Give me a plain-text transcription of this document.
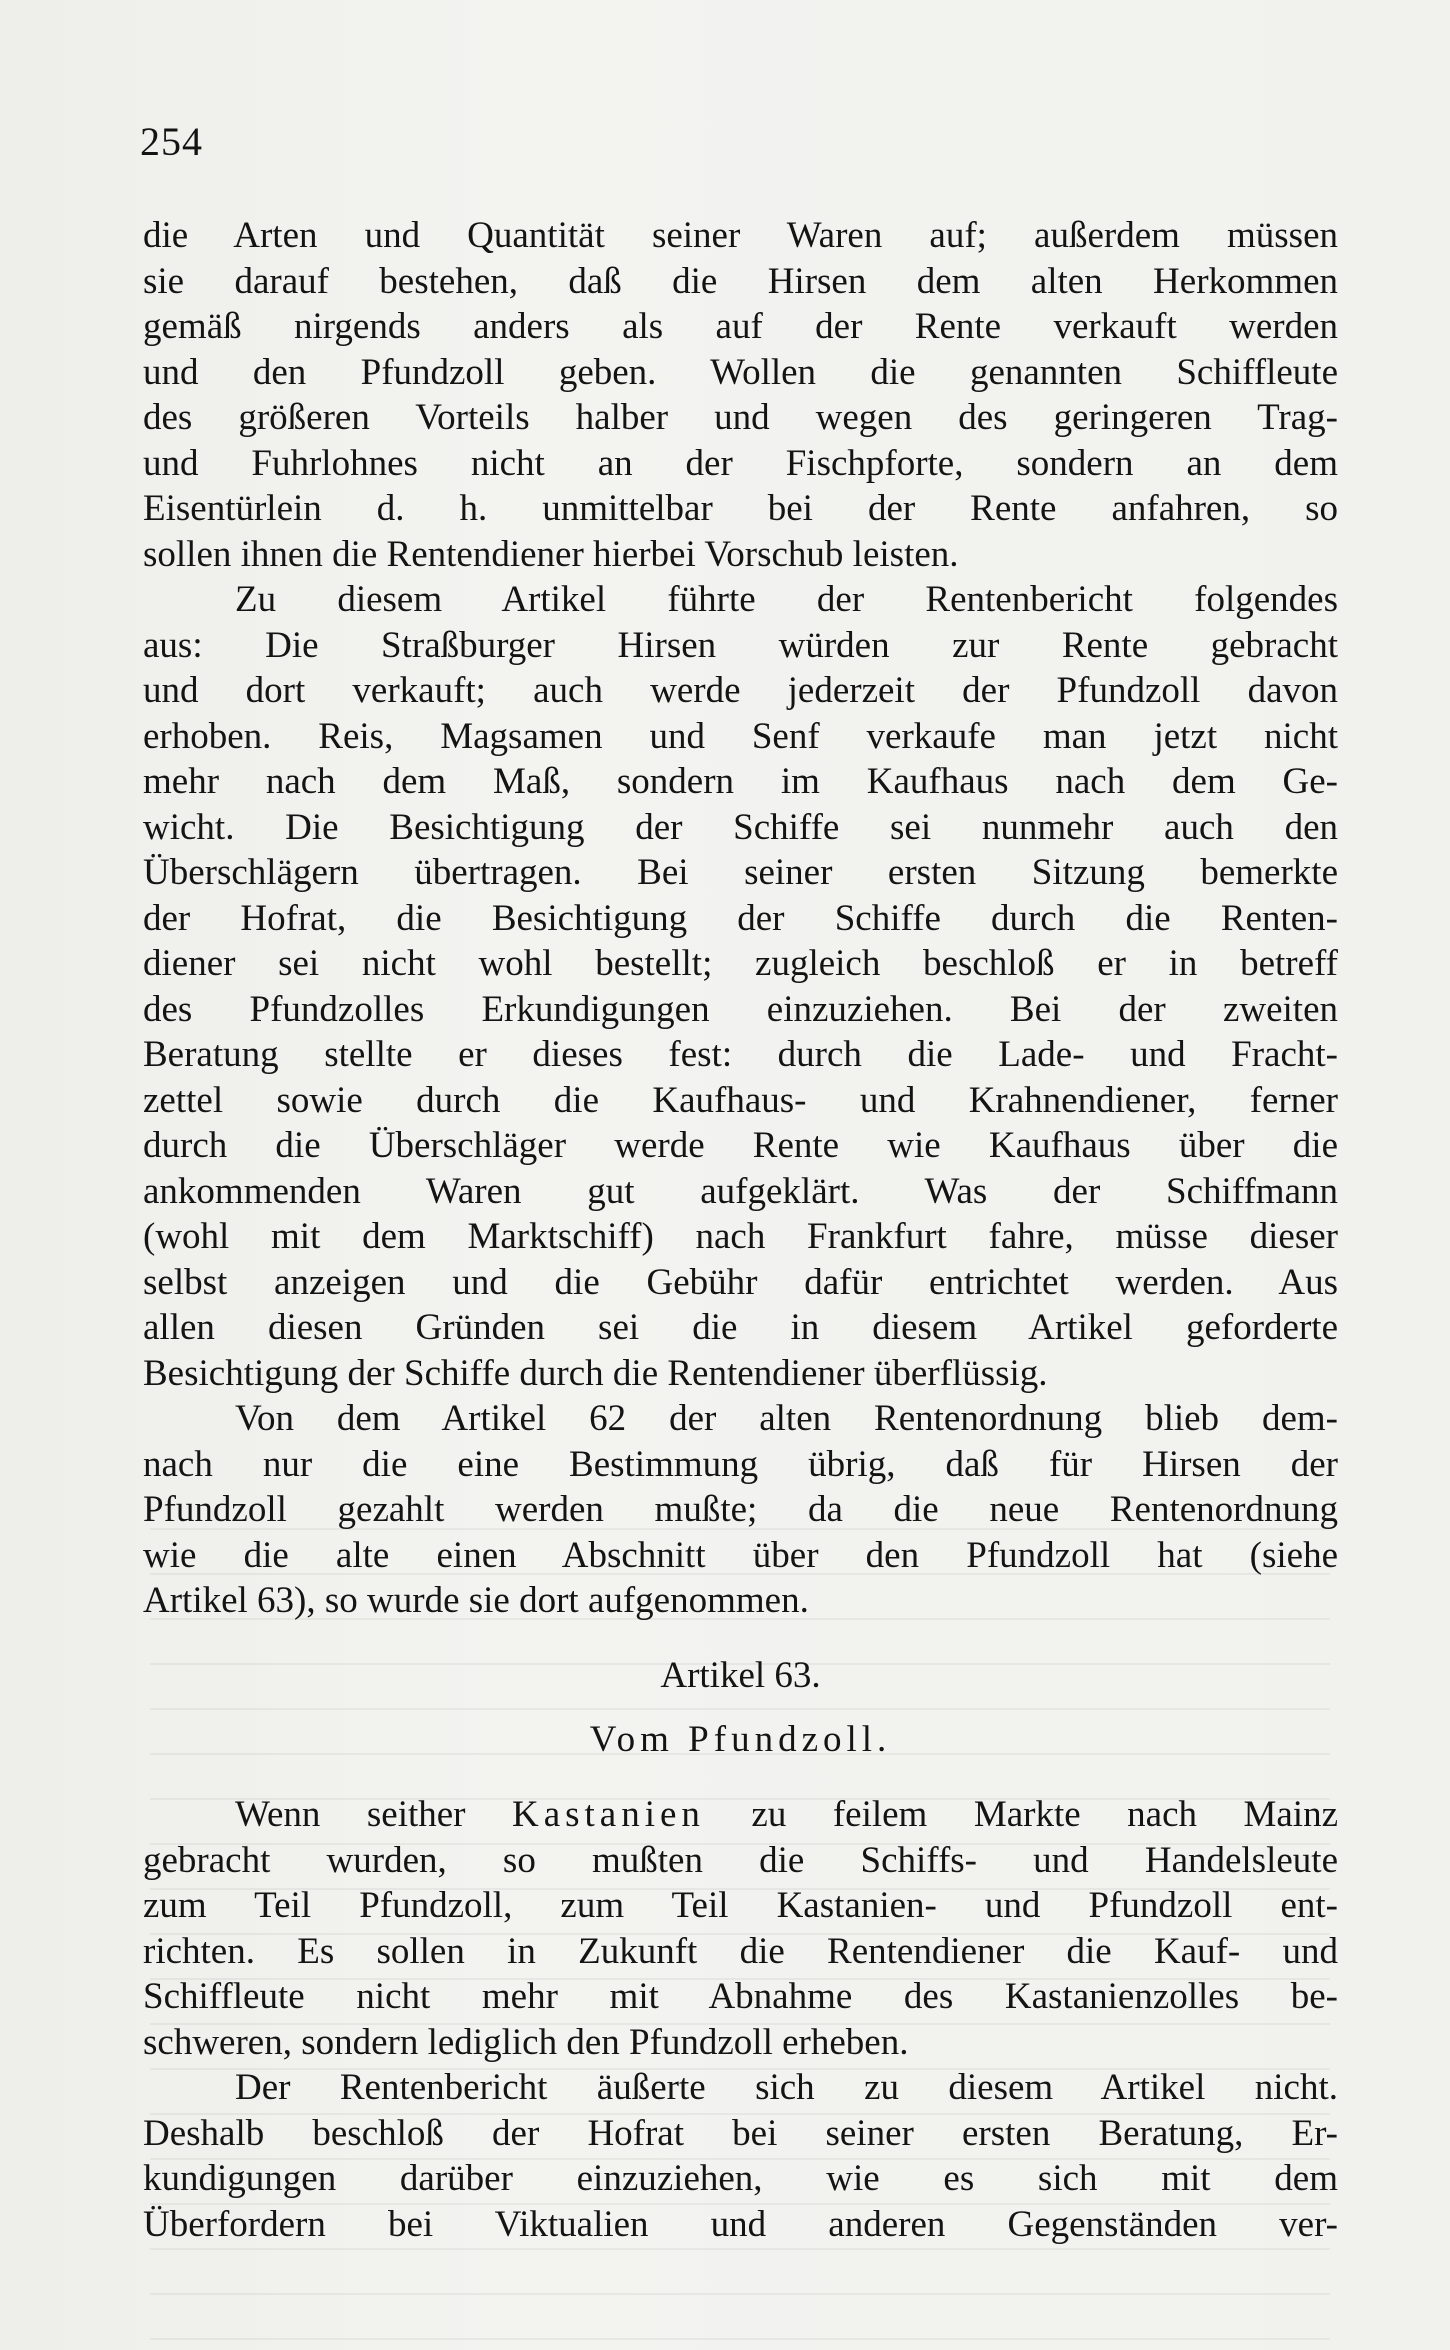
254
die Arten und Quantität seiner Waren auf; außerdem müssen
sie darauf bestehen, daß die Hirsen dem alten Herkommen
gemäß nirgends anders als auf der Rente verkauft werden
und den Pfundzoll geben. Wollen die genannten Schiffleute
des größeren Vorteils halber und wegen des geringeren Trag-
und Fuhrlohnes nicht an der Fischpforte, sondern an dem
Eisentürlein d. h. unmittelbar bei der Rente anfahren, so
sollen ihnen die Rentendiener hierbei Vorschub leisten.
Zu diesem Artikel führte der Rentenbericht folgendes
aus: Die Straßburger Hirsen würden zur Rente gebracht
und dort verkauft; auch werde jederzeit der Pfundzoll davon
erhoben. Reis, Magsamen und Senf verkaufe man jetzt nicht
mehr nach dem Maß, sondern im Kaufhaus nach dem Ge-
wicht. Die Besichtigung der Schiffe sei nunmehr auch den
Überschlägern übertragen. Bei seiner ersten Sitzung bemerkte
der Hofrat, die Besichtigung der Schiffe durch die Renten-
diener sei nicht wohl bestellt; zugleich beschloß er in betreff
des Pfundzolles Erkundigungen einzuziehen. Bei der zweiten
Beratung stellte er dieses fest: durch die Lade- und Fracht-
zettel sowie durch die Kaufhaus- und Krahnendiener, ferner
durch die Überschläger werde Rente wie Kaufhaus über die
ankommenden Waren gut aufgeklärt. Was der Schiffmann
(wohl mit dem Marktschiff) nach Frankfurt fahre, müsse dieser
selbst anzeigen und die Gebühr dafür entrichtet werden. Aus
allen diesen Gründen sei die in diesem Artikel geforderte
Besichtigung der Schiffe durch die Rentendiener überflüssig.
Von dem Artikel 62 der alten Rentenordnung blieb dem-
nach nur die eine Bestimmung übrig, daß für Hirsen der
Pfundzoll gezahlt werden mußte; da die neue Rentenordnung
wie die alte einen Abschnitt über den Pfundzoll hat (siehe
Artikel 63), so wurde sie dort aufgenommen.
Artikel 63.
Vom Pfundzoll.
Wenn seither Kastanien zu feilem Markte nach Mainz
gebracht wurden, so mußten die Schiffs- und Handelsleute
zum Teil Pfundzoll, zum Teil Kastanien- und Pfundzoll ent-
richten. Es sollen in Zukunft die Rentendiener die Kauf- und
Schiffleute nicht mehr mit Abnahme des Kastanienzolles be-
schweren, sondern lediglich den Pfundzoll erheben.
Der Rentenbericht äußerte sich zu diesem Artikel nicht.
Deshalb beschloß der Hofrat bei seiner ersten Beratung, Er-
kundigungen darüber einzuziehen, wie es sich mit dem
Überfordern bei Viktualien und anderen Gegenständen ver-
